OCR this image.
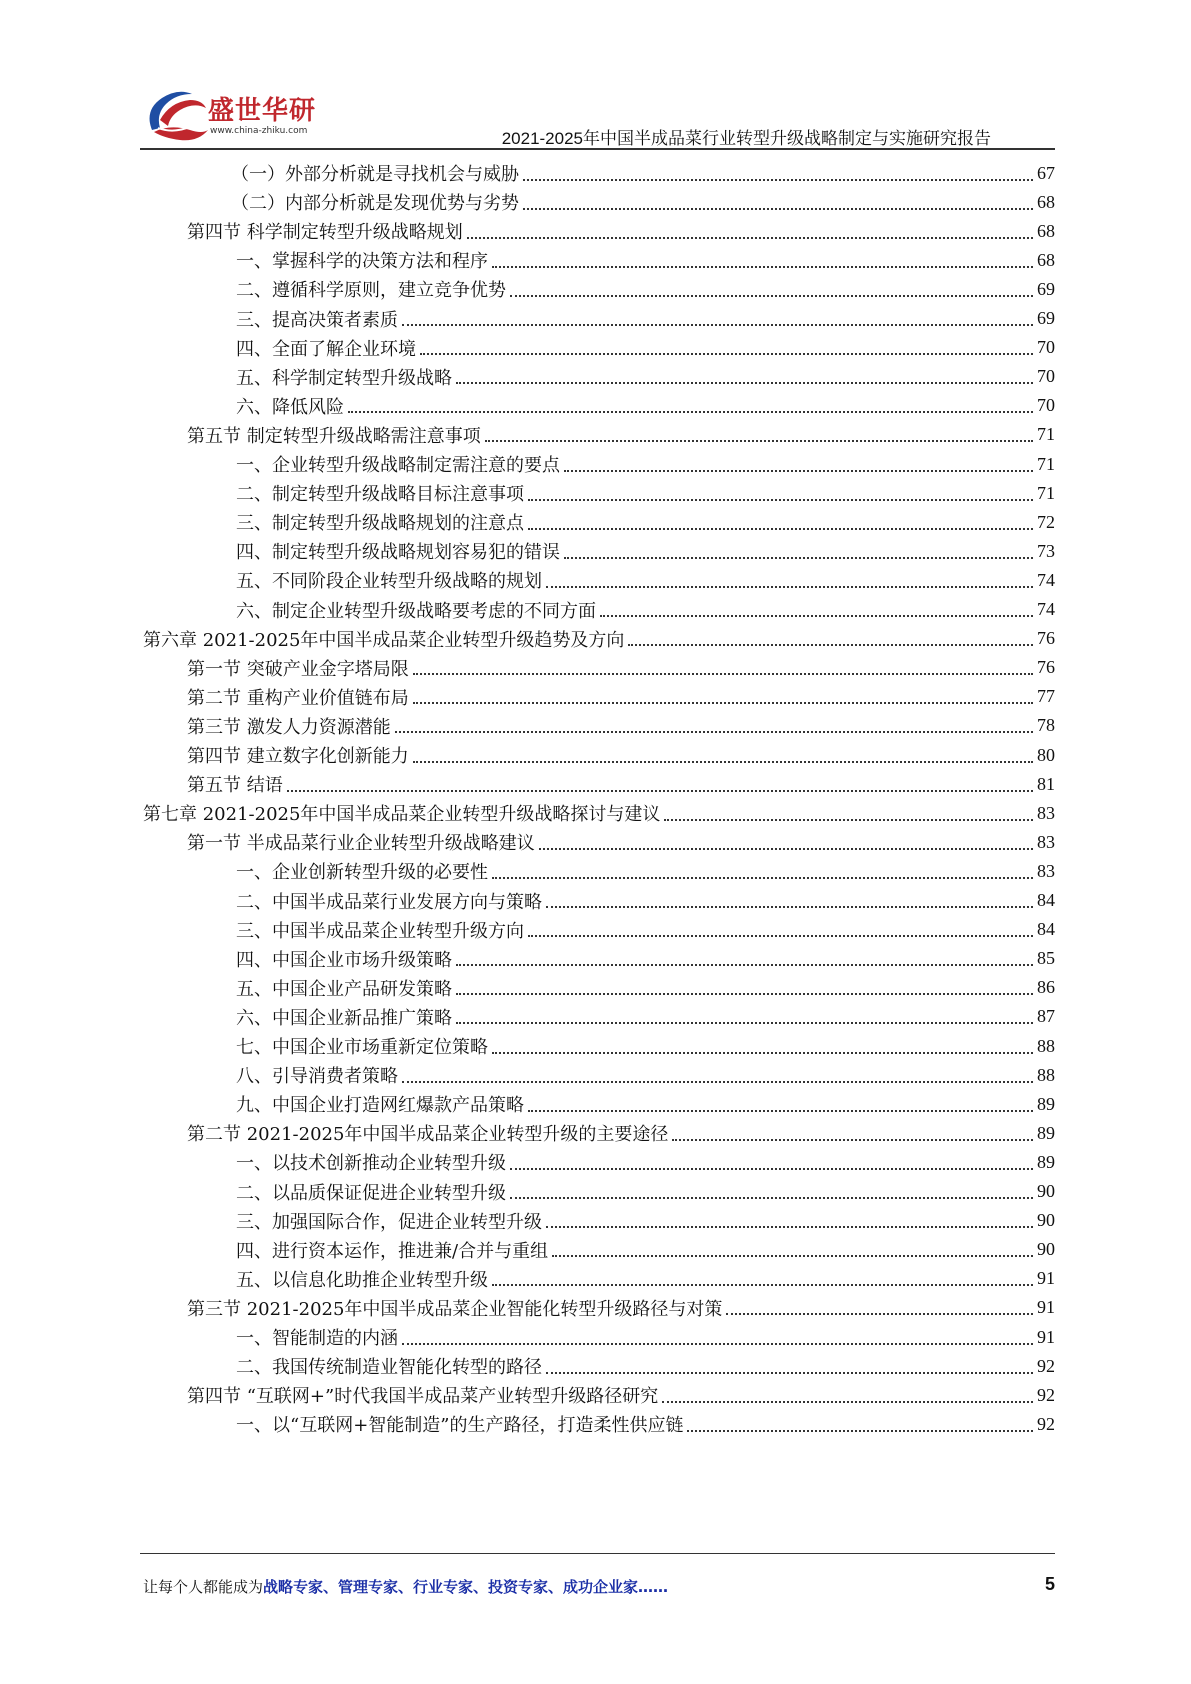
盛世华研
www.china-zhiku.com	2021-2025年中国半成品菜行业转型升级战略制定与实施研究报告
（一）外部分析就是寻找机会与威胁	67
（二）内部分析就是发现优势与劣势	68
第四节 科学制定转型升级战略规划	68
一、掌握科学的决策方法和程序	68
二、遵循科学原则，建立竞争优势	69
三、提高决策者素质	69
四、全面了解企业环境	70
五、科学制定转型升级战略	70
六、降低风险	70
第五节 制定转型升级战略需注意事项	71
一、企业转型升级战略制定需注意的要点	71
二、制定转型升级战略目标注意事项	71
三、制定转型升级战略规划的注意点	72
四、制定转型升级战略规划容易犯的错误	73
五、不同阶段企业转型升级战略的规划	74
六、制定企业转型升级战略要考虑的不同方面	74
第六章 2021-2025年中国半成品菜企业转型升级趋势及方向	76
第一节 突破产业金字塔局限	76
第二节 重构产业价值链布局	77
第三节 激发人力资源潜能	78
第四节 建立数字化创新能力	80
第五节 结语	81
第七章 2021-2025年中国半成品菜企业转型升级战略探讨与建议	83
第一节 半成品菜行业企业转型升级战略建议	83
一、企业创新转型升级的必要性	83
二、中国半成品菜行业发展方向与策略	84
三、中国半成品菜企业转型升级方向	84
四、中国企业市场升级策略	85
五、中国企业产品研发策略	86
六、中国企业新品推广策略	87
七、中国企业市场重新定位策略	88
八、引导消费者策略	88
九、中国企业打造网红爆款产品策略	89
第二节 2021-2025年中国半成品菜企业转型升级的主要途径	89
一、以技术创新推动企业转型升级	89
二、以品质保证促进企业转型升级	90
三、加强国际合作，促进企业转型升级	90
四、进行资本运作，推进兼/合并与重组	90
五、以信息化助推企业转型升级	91
第三节 2021-2025年中国半成品菜企业智能化转型升级路径与对策	91
一、智能制造的内涵	91
二、我国传统制造业智能化转型的路径	92
第四节 “互联网+”时代我国半成品菜产业转型升级路径研究	92
一、以“互联网+智能制造”的生产路径，打造柔性供应链	92
让每个人都能成为战略专家、管理专家、行业专家、投资专家、成功企业家……	5
